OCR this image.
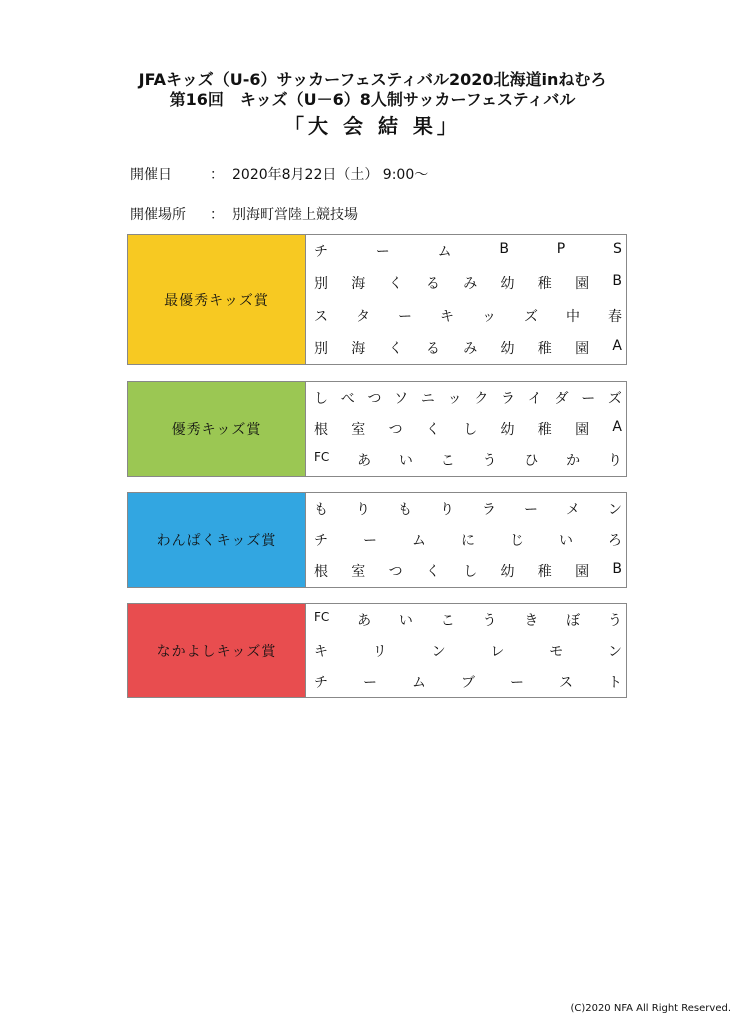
JFAキッズ（U-6）サッカーフェスティバル2020北海道inねむろ
第16回　キッズ（U－6）8人制サッカーフェスティバル
「大 会 結 果」
開催日	： 2020年8月22日（土） 9:00～
開催場所 ： 別海町営陸上競技場
最優秀キッズ賞
チ	ー	ム	B	P	S
別 海 く る み 幼 稚 園 B
ス タ ー キ ッ ズ 中 春
別 海 く る み 幼 稚 園 A
優秀キッズ賞
し べ つ ソ ニ ッ ク ラ イ ダ ー ズ
根 室 つ く し 幼 稚 園 A
FC あ い こ う ひ か り
わんぱくキッズ賞
も り も り ラ ー メ ン
チ	ー	ム	に	じ	い	ろ
根 室 つ く し 幼 稚 園 B
なかよしキッズ賞
FC あ い こ う き ぼ う
キ	リ	ン	レ	モ	ン
チ	ー	ム	ブ	ー	ス	ト
(C)2020 NFA All Right Reserved.
